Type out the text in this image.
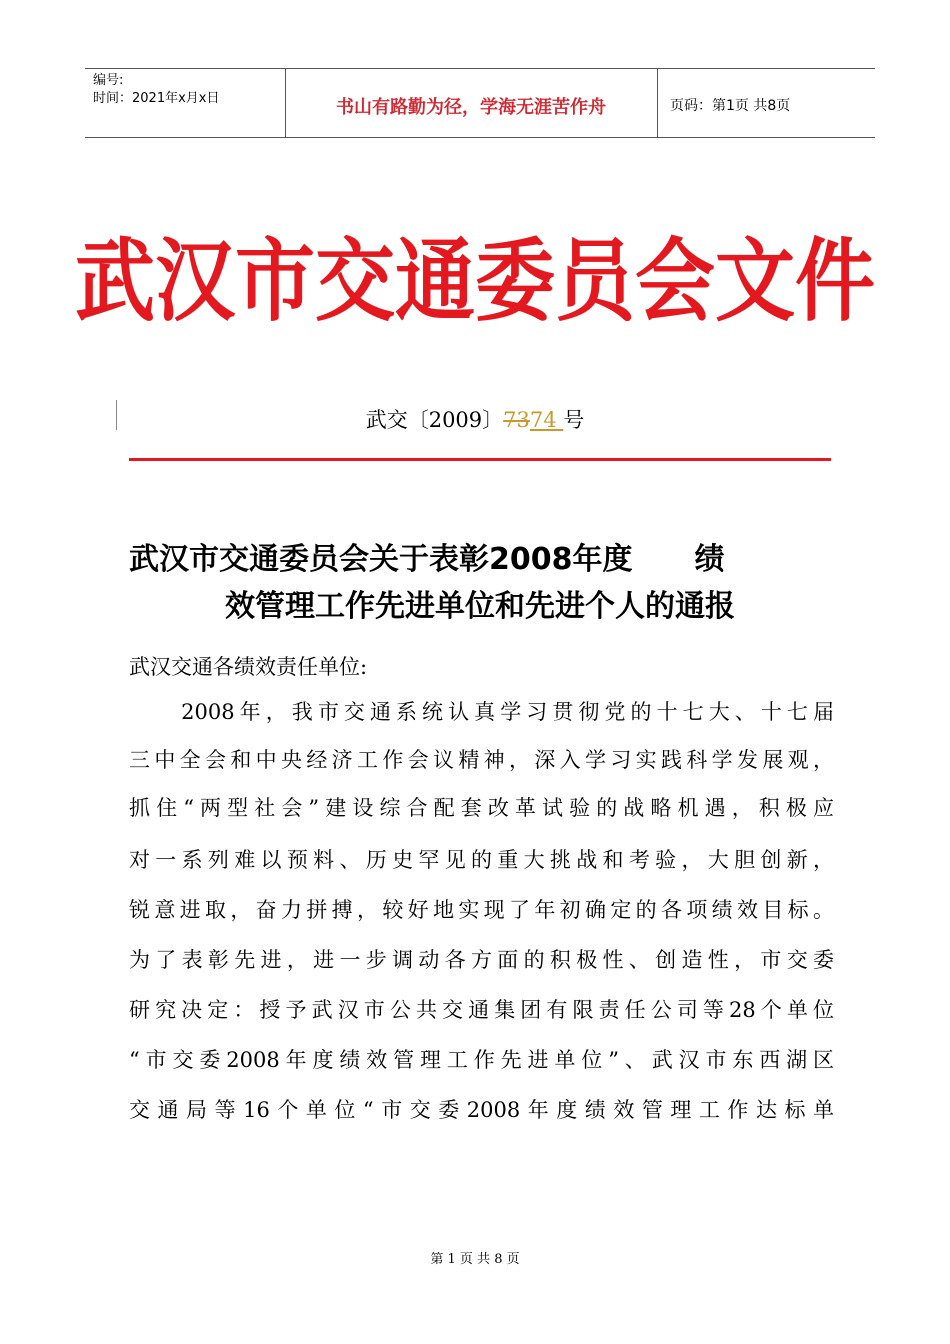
编号:
时间：2021年x月x日	书山有路勤为径，学海无涯苦作舟	页码：第1页 共8页
武汉市交通委员会文件
武交〔2009〕7374 号
武汉市交通委员会关于表彰2008年度 绩
效管理工作先进单位和先进个人的通报
武汉交通各绩效责任单位:
　　2008年，我市交通系统认真学习贯彻党的十七大、十七届
三中全会和中央经济工作会议精神，深入学习实践科学发展观，
抓住“两型社会”建设综合配套改革试验的战略机遇，积极应
对一系列难以预料、历史罕见的重大挑战和考验，大胆创新，
锐意进取，奋力拼搏，较好地实现了年初确定的各项绩效目标。
为了表彰先进，进一步调动各方面的积极性、创造性，市交委
研究决定：授予武汉市公共交通集团有限责任公司等28个单位
“市交委2008年度绩效管理工作先进单位”、武汉市东西湖区
交通局等16个单位“市交委2008年度绩效管理工作达标单
第 1 页 共 8 页
